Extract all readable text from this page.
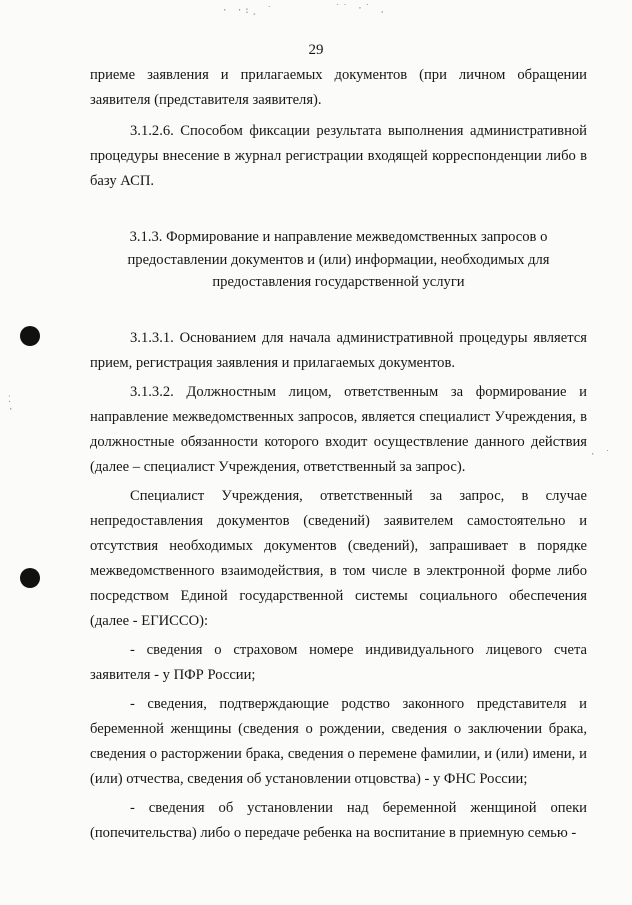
· ·:¸ ˙	˙˙ ·˙ ¸
⁚
·
· ˙
29

приеме заявления и прилагаемых документов (при личном обращении заявителя (представителя заявителя).

3.1.2.6. Способом фиксации результата выполнения административной процедуры внесение в журнал регистрации входящей корреспонденции либо в базу АСП.

3.1.3. Формирование и направление межведомственных запросов о предоставлении документов и (или) информации, необходимых для предоставления государственной услуги

3.1.3.1. Основанием для начала административной процедуры является прием, регистрация заявления и прилагаемых документов.

3.1.3.2. Должностным лицом, ответственным за формирование и направление межведомственных запросов, является специалист Учреждения, в должностные обязанности которого входит осуществление данного действия (далее – специалист Учреждения, ответственный за запрос).

Специалист Учреждения, ответственный за запрос, в случае непредоставления документов (сведений) заявителем самостоятельно и отсутствия необходимых документов (сведений), запрашивает в порядке межведомственного взаимодействия, в том числе в электронной форме либо посредством Единой государственной системы социального обеспечения (далее - ЕГИССО):

- сведения о страховом номере индивидуального лицевого счета заявителя - у ПФР России;

- сведения, подтверждающие родство законного представителя и беременной женщины (сведения о рождении, сведения о заключении брака, сведения о расторжении брака, сведения о перемене фамилии, и (или) имени, и (или) отчества, сведения об установлении отцовства) - у ФНС России;

- сведения об установлении над беременной женщиной опеки (попечительства) либо о передаче ребенка на воспитание в приемную семью -
